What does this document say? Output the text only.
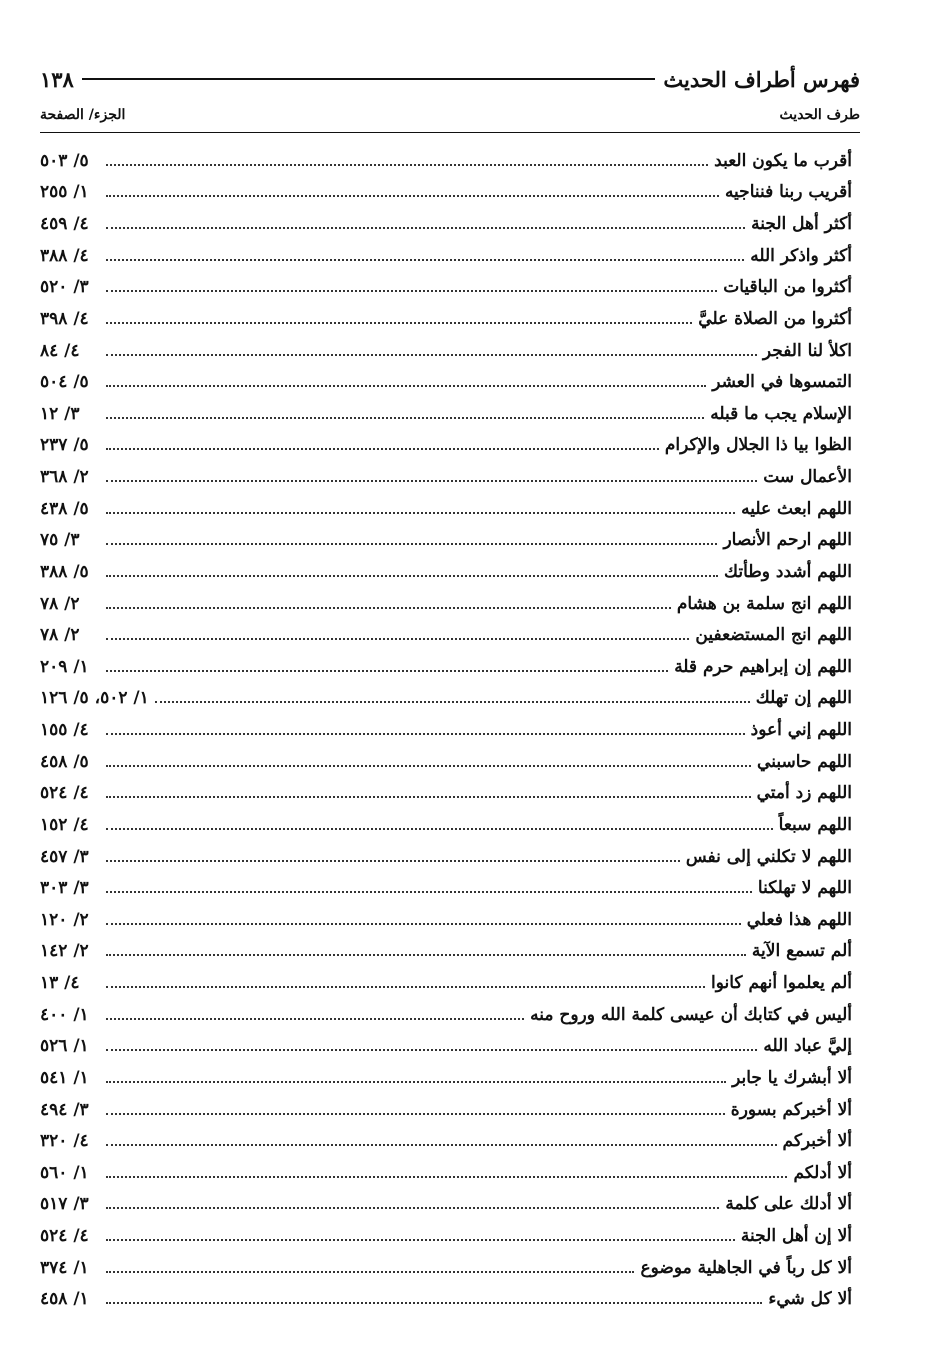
١٣٨	فهرس أطراف الحديث
الجزء/ الصفحة	طرف الحديث
٥/ ٥٠٣	أقرب ما يكون العبد
١/ ٢٥٥	أقريب ربنا فنناجيه
٤/ ٤٥٩	أكثر أهل الجنة
٤/ ٣٨٨	أكثر واذكر الله
٣/ ٥٢٠	أكثروا من الباقيات
٤/ ٣٩٨	أكثروا من الصلاة عليَّ
٤/ ٨٤	اكلأ لنا الفجر
٥/ ٥٠٤	التمسوها في العشر
٣/ ١٢	الإسلام يجب ما قبله
٥/ ٢٣٧	الظوا بيا ذا الجلال والإكرام
٢/ ٣٦٨	الأعمال ست
٥/ ٤٣٨	اللهم ابعث عليه
٣/ ٧٥	اللهم ارحم الأنصار
٥/ ٣٨٨	اللهم أشدد وطأتك
٢/ ٧٨	اللهم انج سلمة بن هشام
٢/ ٧٨	اللهم انج المستضعفين
١/ ٢٠٩	اللهم إن إبراهيم حرم قلة
١/ ٥٠٢، ٥/ ١٢٦	اللهم إن تهلك
٤/ ١٥٥	اللهم إني أعوذ
٥/ ٤٥٨	اللهم حاسبني
٤/ ٥٢٤	اللهم زد أمتي
٤/ ١٥٢	اللهم سبعاً
٣/ ٤٥٧	اللهم لا تكلني إلى نفس
٣/ ٣٠٣	اللهم لا تهلكنا
٢/ ١٢٠	اللهم هذا فعلي
٢/ ١٤٢	ألم تسمع الآية
٤/ ١٣	ألم يعلموا أنهم كانوا
١/ ٤٠٠	أليس في كتابك أن عيسى كلمة الله وروح منه
١/ ٥٢٦	إليَّ عباد الله
١/ ٥٤١	ألا أبشرك يا جابر
٣/ ٤٩٤	ألا أخبركم بسورة
٤/ ٣٢٠	ألا أخبركم
١/ ٥٦٠	ألا أدلكم
٣/ ٥١٧	ألا أدلك على كلمة
٤/ ٥٢٤	ألا إن أهل الجنة
١/ ٣٧٤	ألا كل رباً في الجاهلية موضوع
١/ ٤٥٨	ألا كل شيء
